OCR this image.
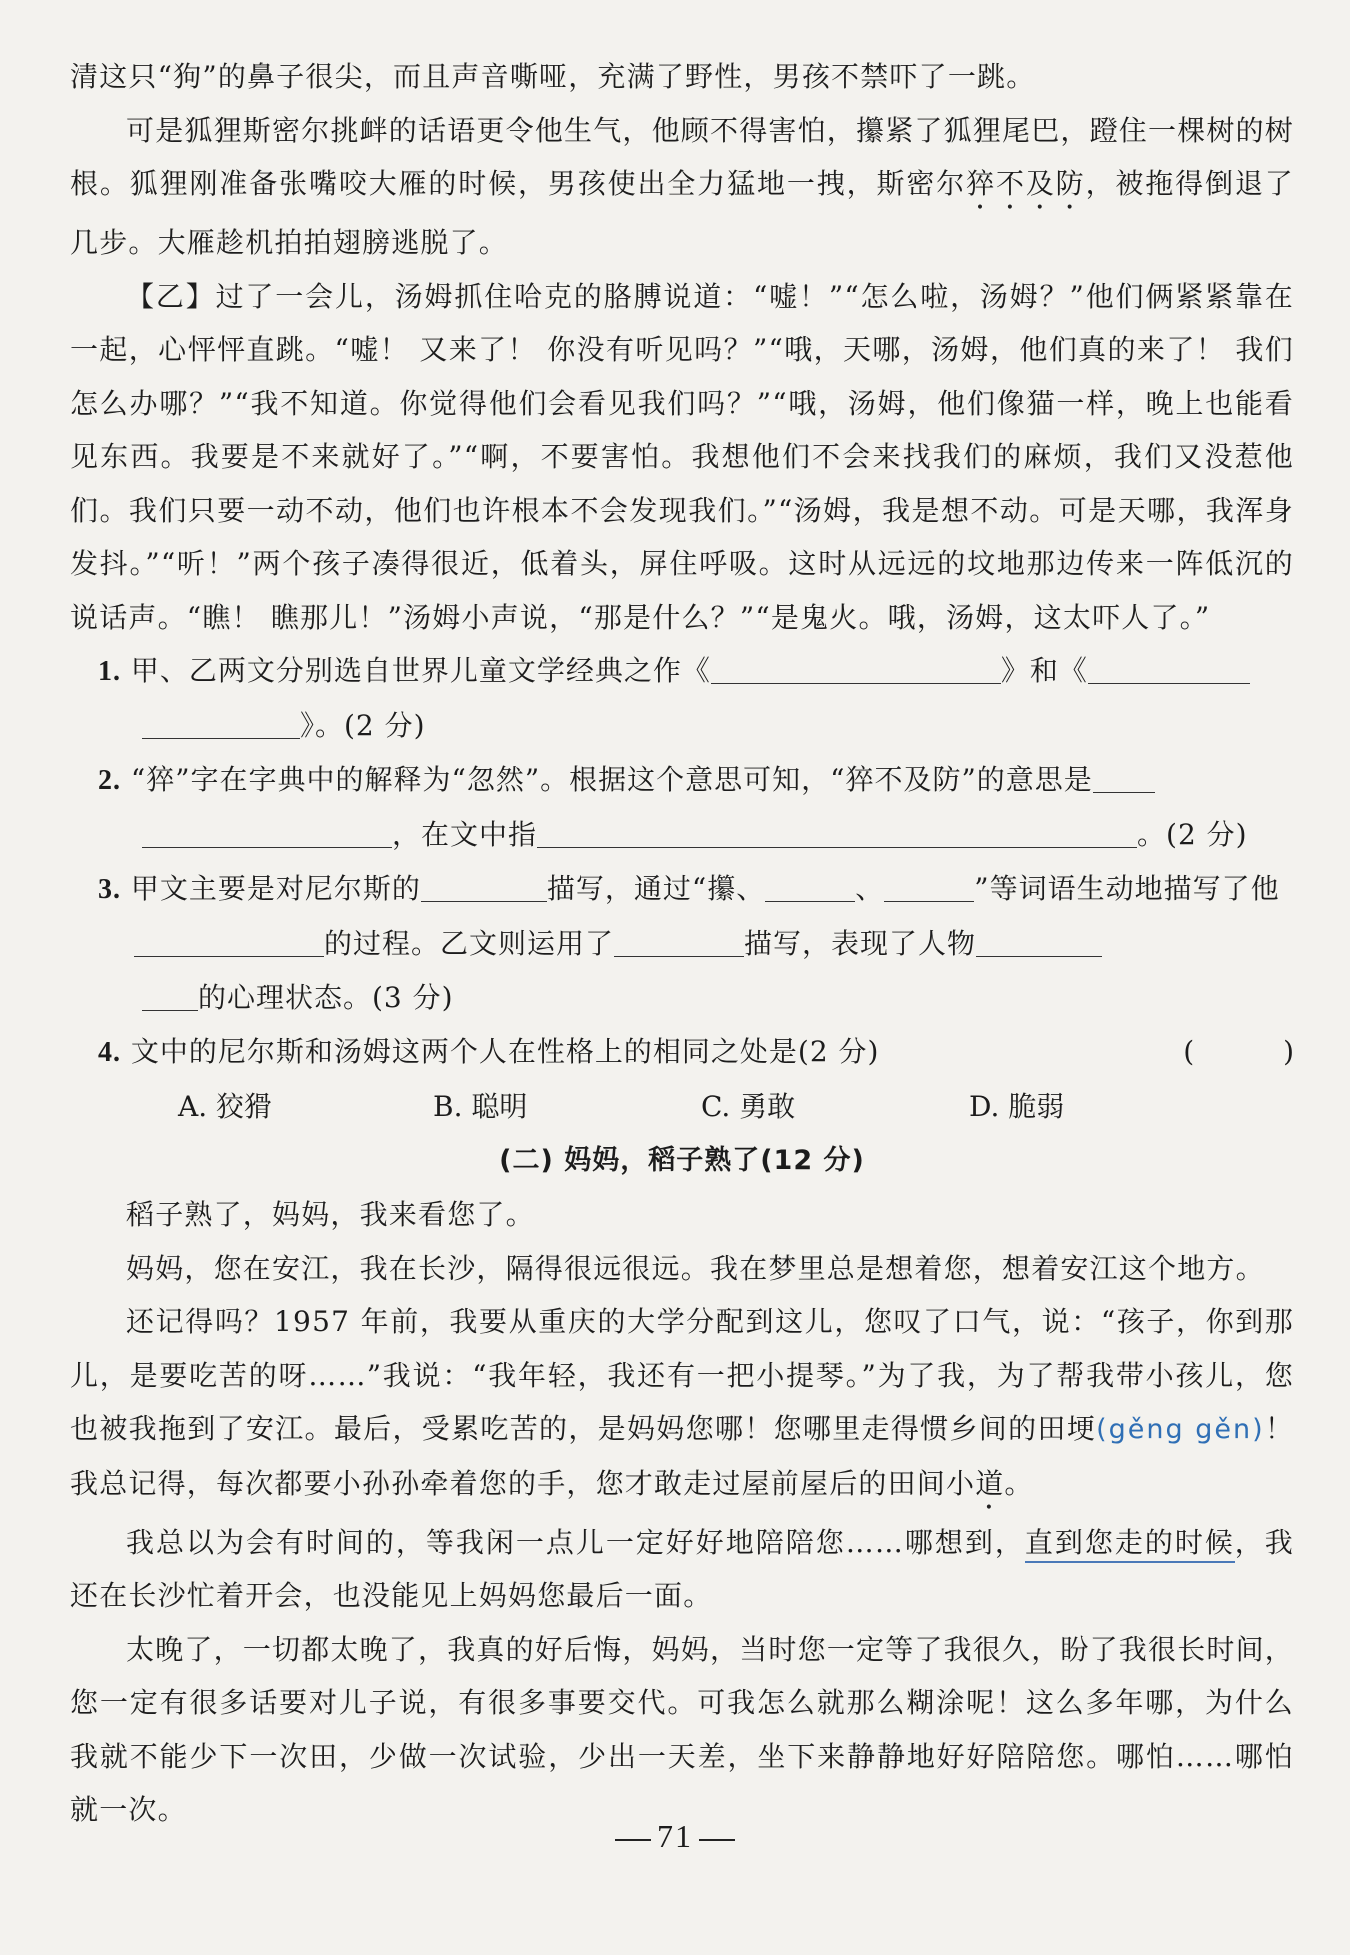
清这只“狗”的鼻子很尖，而且声音嘶哑，充满了野性，男孩不禁吓了一跳。

可是狐狸斯密尔挑衅的话语更令他生气，他顾不得害怕，攥紧了狐狸尾巴，蹬住一棵树的树根。狐狸刚准备张嘴咬大雁的时候，男孩使出全力猛地一拽，斯密尔猝不及防，被拖得倒退了几步。大雁趁机拍拍翅膀逃脱了。

【乙】过了一会儿，汤姆抓住哈克的胳膊说道：“嘘！”“怎么啦，汤姆？”他们俩紧紧靠在一起，心怦怦直跳。“嘘！ 又来了！ 你没有听见吗？”“哦，天哪，汤姆，他们真的来了！ 我们怎么办哪？”“我不知道。你觉得他们会看见我们吗？”“哦，汤姆，他们像猫一样，晚上也能看见东西。我要是不来就好了。”“啊，不要害怕。我想他们不会来找我们的麻烦，我们又没惹他们。我们只要一动不动，他们也许根本不会发现我们。”“汤姆，我是想不动。可是天哪，我浑身发抖。”“听！”两个孩子凑得很近，低着头，屏住呼吸。这时从远远的坟地那边传来一阵低沉的说话声。“瞧！ 瞧那儿！”汤姆小声说，“那是什么？”“是鬼火。哦，汤姆，这太吓人了。”

1. 甲、乙两文分别选自世界儿童文学经典之作《	》和《
》。(2 分)

2. “猝”字在字典中的解释为“忽然”。根据这个意思可知，“猝不及防”的意思是
，在文中指	。(2 分)

3. 甲文主要是对尼尔斯的	描写，通过“攥、	、	”等词语生动地描写了他的过程。乙文则运用了	描写，表现了人物
的心理状态。(3 分)

4. 文中的尼尔斯和汤姆这两个人在性格上的相同之处是(2 分)	( )

A. 狡猾	B. 聪明	C. 勇敢	D. 脆弱

(二) 妈妈，稻子熟了(12 分)

稻子熟了，妈妈，我来看您了。

妈妈，您在安江，我在长沙，隔得很远很远。我在梦里总是想着您，想着安江这个地方。

还记得吗？1957 年前，我要从重庆的大学分配到这儿，您叹了口气，说：“孩子，你到那儿，是要吃苦的呀……”我说：“我年轻，我还有一把小提琴。”为了我，为了帮我带小孩儿，您也被我拖到了安江。最后，受累吃苦的，是妈妈您哪！您哪里走得惯乡间的田埂(gěng gěn)！我总记得，每次都要小孙孙牵着您的手，您才敢走过屋前屋后的田间小道。

我总以为会有时间的，等我闲一点儿一定好好地陪陪您……哪想到，直到您走的时候，我还在长沙忙着开会，也没能见上妈妈您最后一面。

太晚了，一切都太晚了，我真的好后悔，妈妈，当时您一定等了我很久，盼了我很长时间，您一定有很多话要对儿子说，有很多事要交代。可我怎么就那么糊涂呢！这么多年哪，为什么我就不能少下一次田，少做一次试验，少出一天差，坐下来静静地好好陪陪您。哪怕……哪怕就一次。

71
